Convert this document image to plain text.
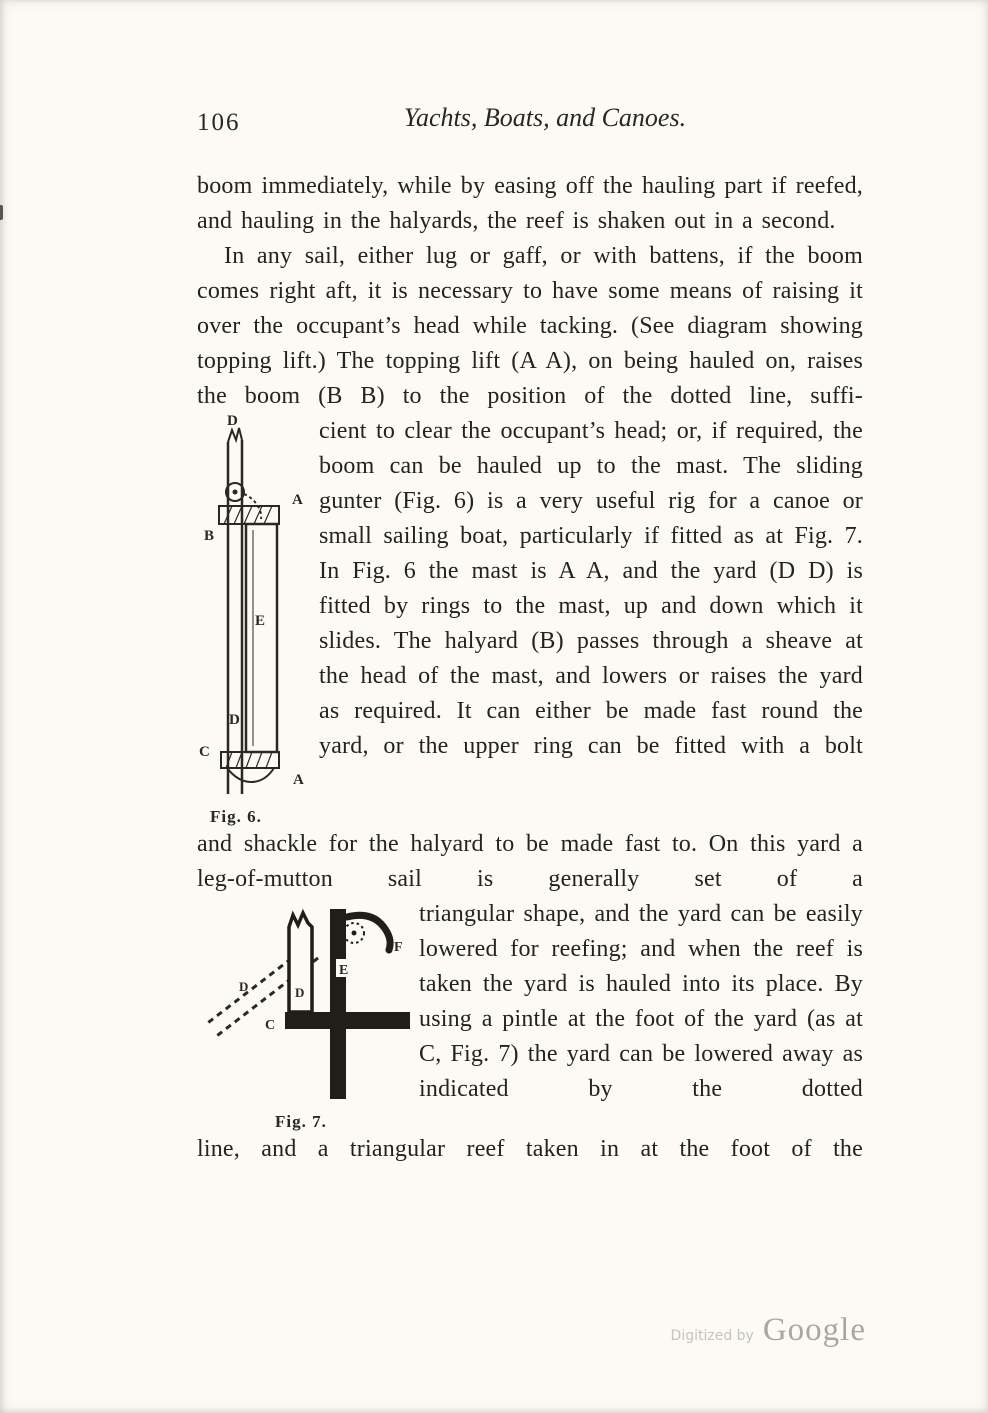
106	Yachts, Boats, and Canoes.

boom immediately, while by easing off the hauling part if reefed, and hauling in the halyards, the reef is shaken out in a second.

In any sail, either lug or gaff, or with battens, if the boom comes right aft, it is necessary to have some means of raising it over the occupant’s head while tacking. (See diagram showing topping lift.) The topping lift (A A), on being hauled on, raises the boom (B B) to the position of the dotted line, suffi-

D
A
B
E
D
C
A
Fig. 6.

cient to clear the occupant’s head; or, if required, the boom can be hauled up to the mast. The sliding gunter (Fig. 6) is a very useful rig for a canoe or small sailing boat, particularly if fitted as at Fig. 7. In Fig. 6 the mast is A A, and the yard (D D) is fitted by rings to the mast, up and down which it slides. The halyard (B) passes through a sheave at the head of the mast, and lowers or raises the yard as required. It can either be made fast round the yard, or the upper ring can be fitted with a bolt

and shackle for the halyard to be made fast to. On this yard a leg-of-mutton sail is generally set of a

F
E
D
D
C
Fig. 7.

triangular shape, and the yard can be easily lowered for reefing; and when the reef is taken the yard is hauled into its place. By using a pintle at the foot of the yard (as at C, Fig. 7) the yard can be lowered away as indicated by the dotted

line, and a triangular reef taken in at the foot of the

Digitized by Google
